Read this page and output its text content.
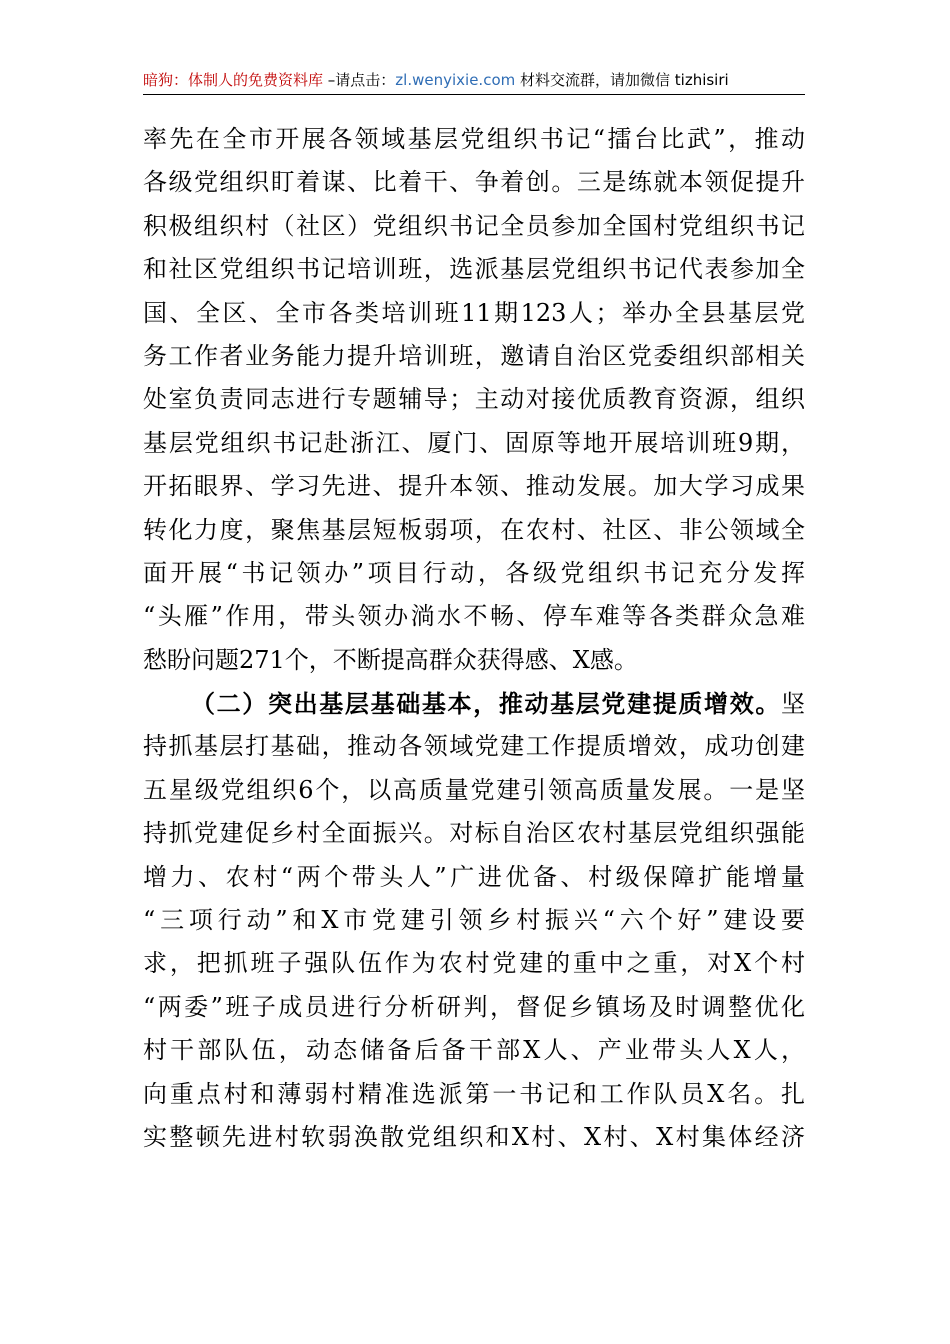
暗狗：体制人的免费资料库 –请点击：zl.wenyixie.com 材料交流群，请加微信 tizhisiri
率先在全市开展各领域基层党组织书记“擂台比武”，推动
各级党组织盯着谋、比着干、争着创。三是练就本领促提升
积极组织村（社区）党组织书记全员参加全国村党组织书记
和社区党组织书记培训班，选派基层党组织书记代表参加全
国、全区、全市各类培训班11期123人；举办全县基层党
务工作者业务能力提升培训班，邀请自治区党委组织部相关
处室负责同志进行专题辅导；主动对接优质教育资源，组织
基层党组织书记赴浙江、厦门、固原等地开展培训班9期，
开拓眼界、学习先进、提升本领、推动发展。加大学习成果
转化力度，聚焦基层短板弱项，在农村、社区、非公领域全
面开展“书记领办”项目行动，各级党组织书记充分发挥
“头雁”作用，带头领办淌水不畅、停车难等各类群众急难
愁盼问题271个，不断提高群众获得感、X感。
（二）突出基层基础基本，推动基层党建提质增效。坚
持抓基层打基础，推动各领域党建工作提质增效，成功创建
五星级党组织6个，以高质量党建引领高质量发展。一是坚
持抓党建促乡村全面振兴。对标自治区农村基层党组织强能
增力、农村“两个带头人”广进优备、村级保障扩能增量
“三项行动”和X市党建引领乡村振兴“六个好”建设要
求，把抓班子强队伍作为农村党建的重中之重，对X个村
“两委”班子成员进行分析研判，督促乡镇场及时调整优化
村干部队伍，动态储备后备干部X人、产业带头人X人，
向重点村和薄弱村精准选派第一书记和工作队员X名。扎
实整顿先进村软弱涣散党组织和X村、X村、X村集体经济
